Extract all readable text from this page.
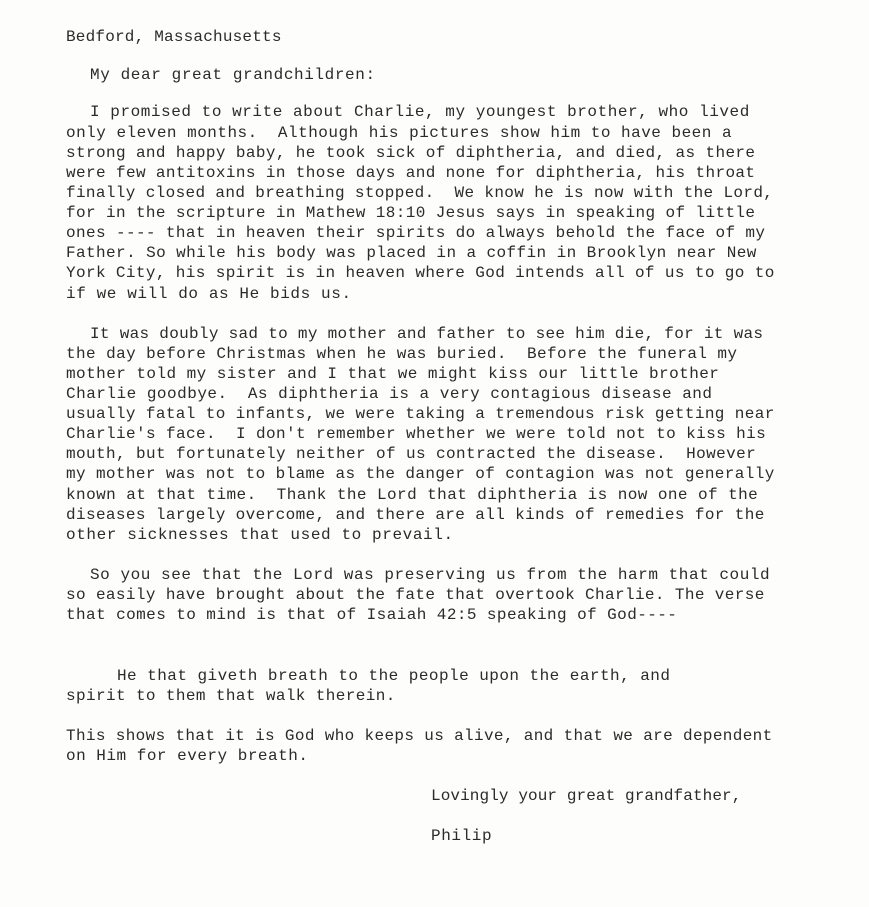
Bedford, Massachusetts
My dear great grandchildren:
I promised to write about Charlie, my youngest brother, who lived
only eleven months.  Although his pictures show him to have been a
strong and happy baby, he took sick of diphtheria, and died, as there
were few antitoxins in those days and none for diphtheria, his throat
finally closed and breathing stopped.  We know he is now with the Lord,
for in the scripture in Mathew 18:10 Jesus says in speaking of little
ones ---- that in heaven their spirits do always behold the face of my
Father. So while his body was placed in a coffin in Brooklyn near New
York City, his spirit is in heaven where God intends all of us to go to
if we will do as He bids us.
It was doubly sad to my mother and father to see him die, for it was
the day before Christmas when he was buried.  Before the funeral my
mother told my sister and I that we might kiss our little brother
Charlie goodbye.  As diphtheria is a very contagious disease and
usually fatal to infants, we were taking a tremendous risk getting near
Charlie's face.  I don't remember whether we were told not to kiss his
mouth, but fortunately neither of us contracted the disease.  However
my mother was not to blame as the danger of contagion was not generally
known at that time.  Thank the Lord that diphtheria is now one of the
diseases largely overcome, and there are all kinds of remedies for the
other sicknesses that used to prevail.
So you see that the Lord was preserving us from the harm that could
so easily have brought about the fate that overtook Charlie. The verse
that comes to mind is that of Isaiah 42:5 speaking of God----
He that giveth breath to the people upon the earth, and
spirit to them that walk therein.
This shows that it is God who keeps us alive, and that we are dependent
on Him for every breath.
Lovingly your great grandfather,
Philip
